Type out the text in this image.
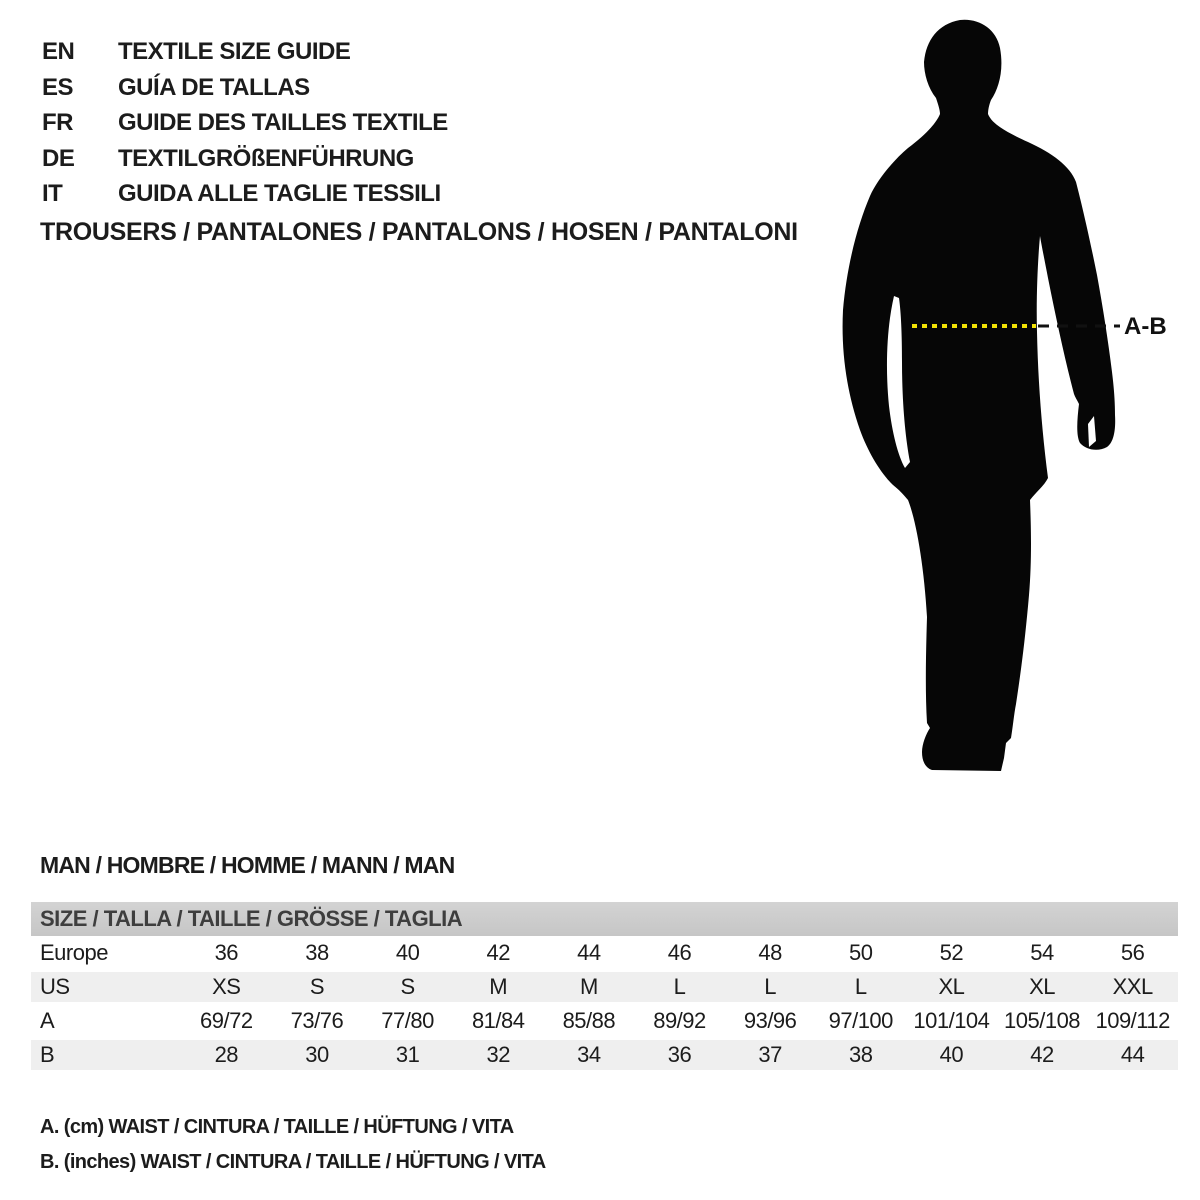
EN	TEXTILE SIZE GUIDE
ES	GUÍA DE TALLAS
FR	GUIDE DES TAILLES TEXTILE
DE	TEXTILGRÖßENFÜHRUNG
IT	GUIDA ALLE TAGLIE TESSILI
TROUSERS / PANTALONES / PANTALONS / HOSEN / PANTALONI
A-B
MAN / HOMBRE / HOMME / MANN / MAN
SIZE / TALLA / TAILLE / GRÖSSE / TAGLIA
Europe	36	38	40	42	44	46	48	50	52	54	56
US	XS	S	S	M	M	L	L	L	XL	XL	XXL
A	69/72	73/76	77/80	81/84	85/88	89/92	93/96	97/100 101/104 105/108 109/112
B	28	30	31	32	34	36	37	38	40	42	44
A. (cm) WAIST / CINTURA / TAILLE / HÜFTUNG / VITA
B. (inches) WAIST / CINTURA / TAILLE / HÜFTUNG / VITA
